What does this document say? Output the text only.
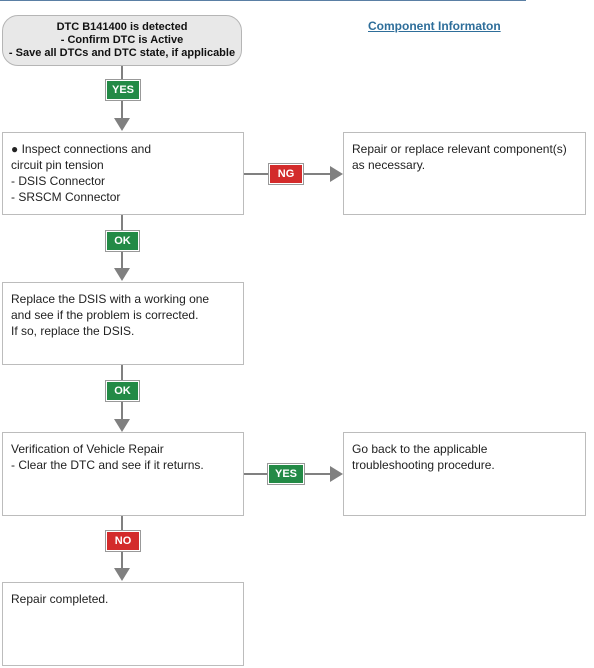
DTC B141400 is detected
- Confirm DTC is Active
- Save all DTCs and DTC state, if applicable
Component Informaton
YES
● Inspect connections and
circuit pin tension
- DSIS Connector
- SRSCM Connector
NG
Repair or replace relevant component(s)
as necessary.
OK
Replace the DSIS with a working one
and see if the problem is corrected.
If so, replace the DSIS.
OK
Verification of Vehicle Repair
- Clear the DTC and see if it returns.
YES
Go back to the applicable
troubleshooting procedure.
NO
Repair completed.
